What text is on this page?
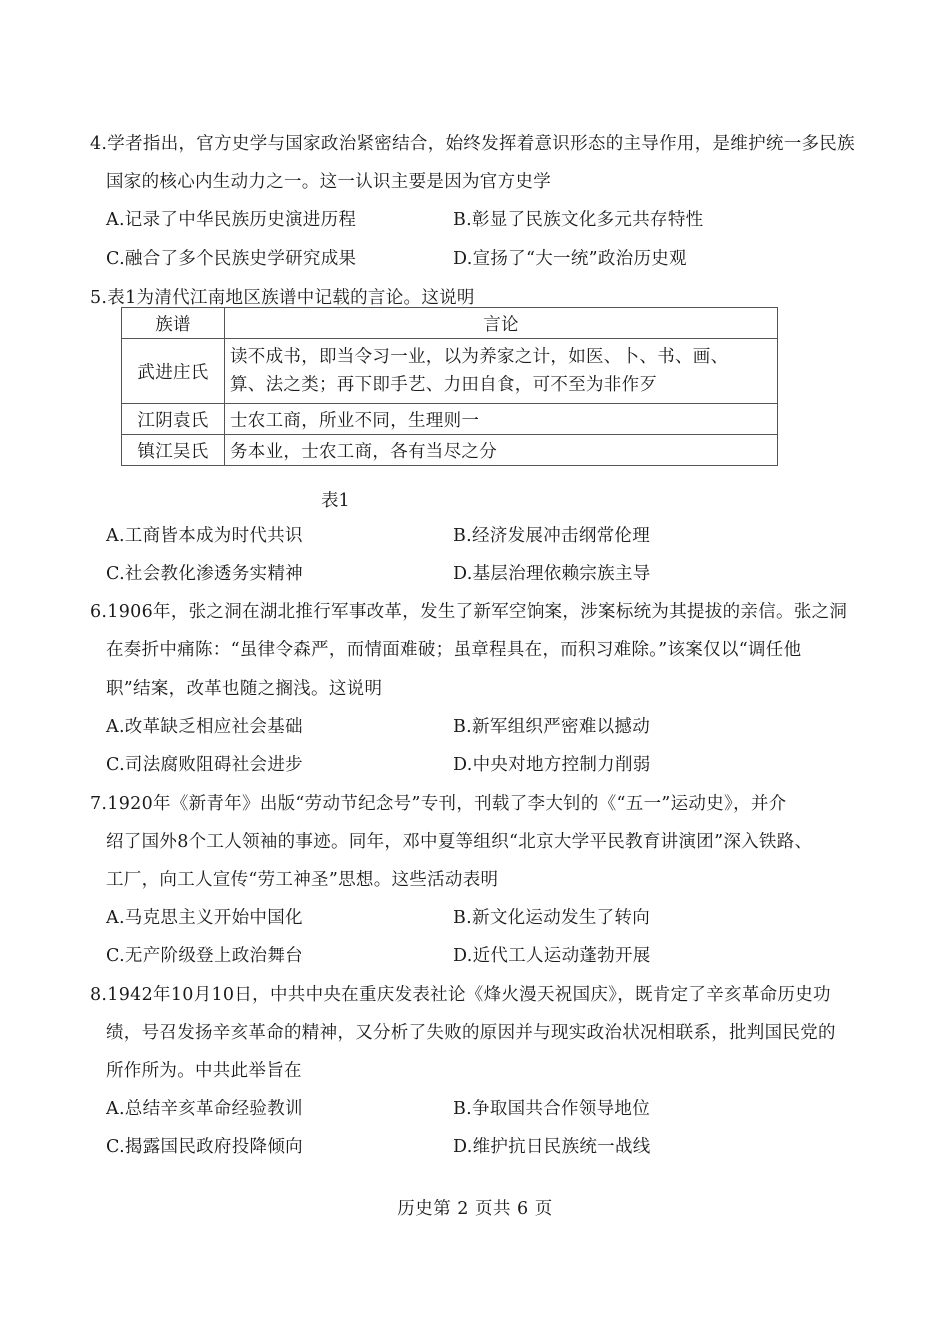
4.学者指出，官方史学与国家政治紧密结合，始终发挥着意识形态的主导作用，是维护统一多民族
国家的核心内生动力之一。这一认识主要是因为官方史学
A.记录了中华民族历史演进历程	B.彰显了民族文化多元共存特性
C.融合了多个民族史学研究成果	D.宣扬了“大一统”政治历史观
5.表1为清代江南地区族谱中记载的言论。这说明
族谱	言论
武进庄氏	读不成书，即当令习一业，以为养家之计，如医、卜、书、画、
算、法之类；再下即手艺、力田自食，可不至为非作歹

江阴袁氏	士农工商，所业不同，生理则一
镇江吴氏	务本业，士农工商，各有当尽之分
表1
A.工商皆本成为时代共识	B.经济发展冲击纲常伦理
C.社会教化渗透务实精神	D.基层治理依赖宗族主导
6.1906年，张之洞在湖北推行军事改革，发生了新军空饷案，涉案标统为其提拔的亲信。张之洞
在奏折中痛陈：“虽律令森严，而情面难破；虽章程具在，而积习难除。”该案仅以“调任他
职”结案，改革也随之搁浅。这说明
A.改革缺乏相应社会基础	B.新军组织严密难以撼动
C.司法腐败阻碍社会进步	D.中央对地方控制力削弱
7.1920年《新青年》出版“劳动节纪念号”专刊，刊载了李大钊的《“五一”运动史》，并介
绍了国外8个工人领袖的事迹。同年，邓中夏等组织“北京大学平民教育讲演团”深入铁路、
工厂，向工人宣传“劳工神圣”思想。这些活动表明
A.马克思主义开始中国化	B.新文化运动发生了转向
C.无产阶级登上政治舞台	D.近代工人运动蓬勃开展
8.1942年10月10日，中共中央在重庆发表社论《烽火漫天祝国庆》，既肯定了辛亥革命历史功
绩，号召发扬辛亥革命的精神，又分析了失败的原因并与现实政治状况相联系，批判国民党的
所作所为。中共此举旨在
A.总结辛亥革命经验教训	B.争取国共合作领导地位
C.揭露国民政府投降倾向	D.维护抗日民族统一战线
历史第 2 页共 6 页
